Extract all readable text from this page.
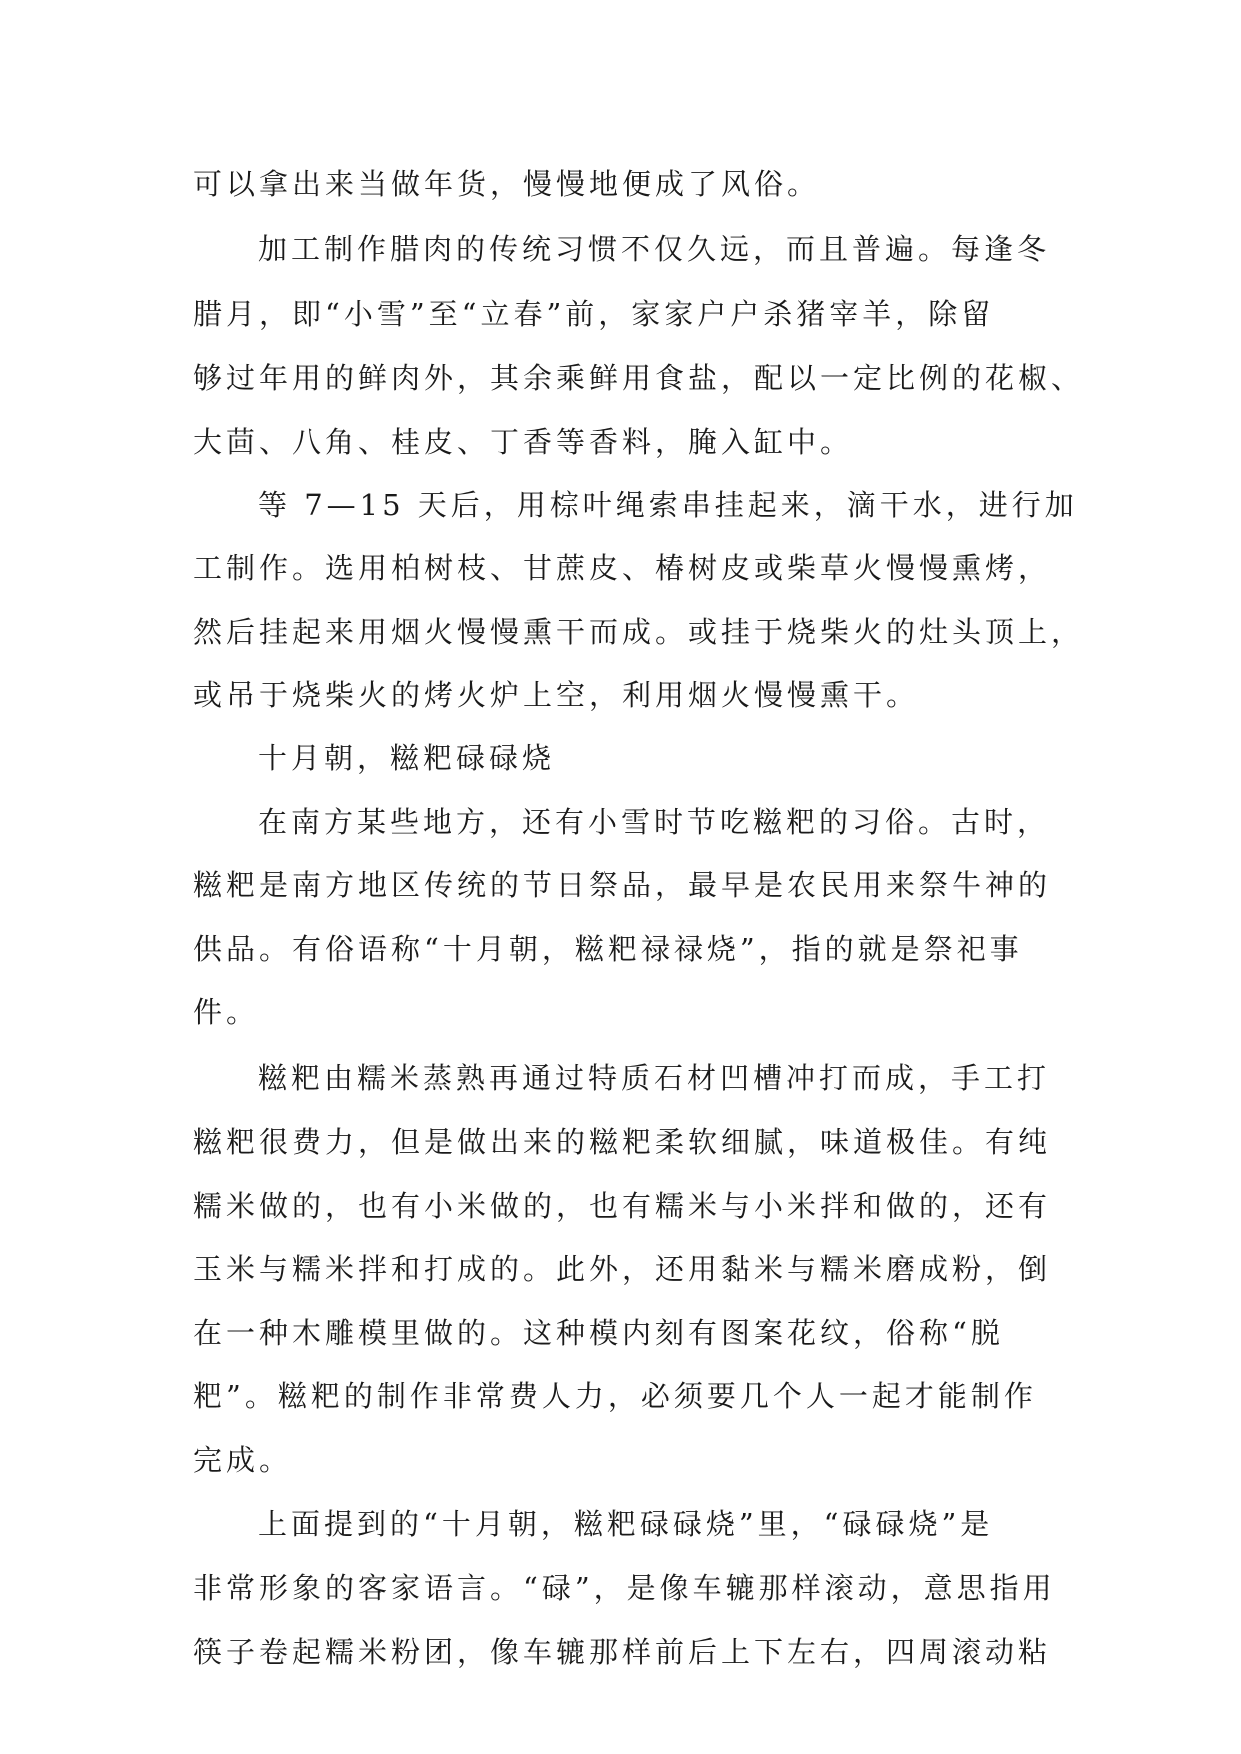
可以拿出来当做年货，慢慢地便成了风俗。
加工制作腊肉的传统习惯不仅久远，而且普遍。每逢冬
腊月，即“小雪”至“立春”前，家家户户杀猪宰羊，除留
够过年用的鲜肉外，其余乘鲜用食盐，配以一定比例的花椒、
大茴、八角、桂皮、丁香等香料，腌入缸中。
等 7—15 天后，用棕叶绳索串挂起来，滴干水，进行加
工制作。选用柏树枝、甘蔗皮、椿树皮或柴草火慢慢熏烤，
然后挂起来用烟火慢慢熏干而成。或挂于烧柴火的灶头顶上，
或吊于烧柴火的烤火炉上空，利用烟火慢慢熏干。
十月朝，糍粑碌碌烧
在南方某些地方，还有小雪时节吃糍粑的习俗。古时，
糍粑是南方地区传统的节日祭品，最早是农民用来祭牛神的
供品。有俗语称“十月朝，糍粑禄禄烧”，指的就是祭祀事
件。
糍粑由糯米蒸熟再通过特质石材凹槽冲打而成，手工打
糍粑很费力，但是做出来的糍粑柔软细腻，味道极佳。有纯
糯米做的，也有小米做的，也有糯米与小米拌和做的，还有
玉米与糯米拌和打成的。此外，还用黏米与糯米磨成粉，倒
在一种木雕模里做的。这种模内刻有图案花纹，俗称“脱
粑”。糍粑的制作非常费人力，必须要几个人一起才能制作
完成。
上面提到的“十月朝，糍粑碌碌烧”里，“碌碌烧”是
非常形象的客家语言。“碌”，是像车辘那样滚动，意思指用
筷子卷起糯米粉团，像车辘那样前后上下左右，四周滚动粘
